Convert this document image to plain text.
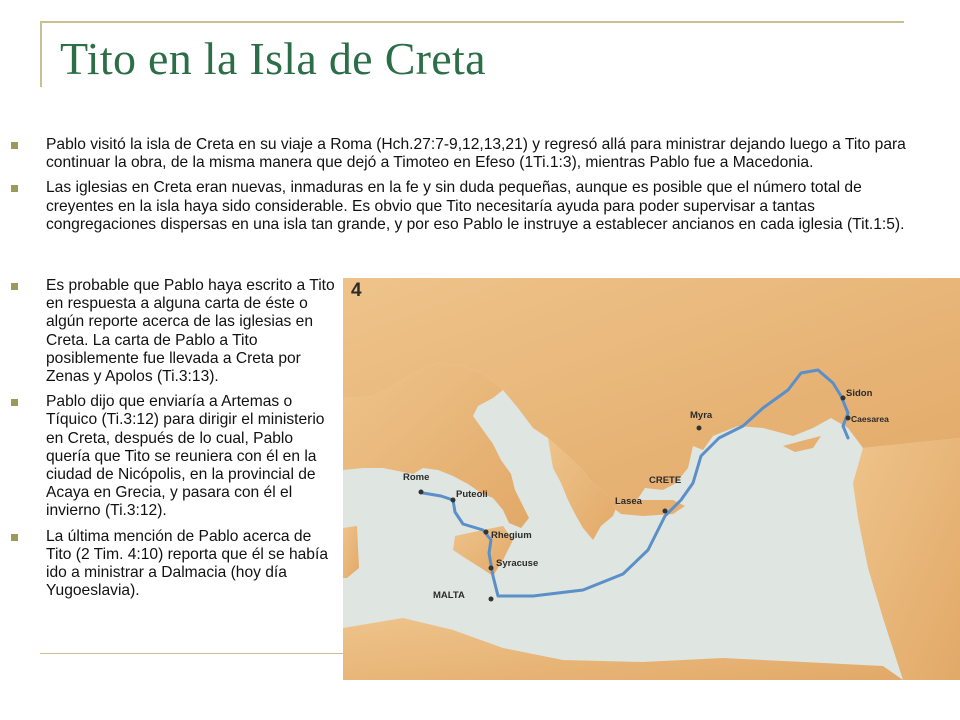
Tito en la Isla de Creta
Pablo visitó la isla de Creta en su viaje a Roma (Hch.27:7-9,12,13,21) y regresó allá para ministrar dejando luego a Tito para continuar la obra, de la misma manera que dejó a Timoteo en Efeso (1Ti.1:3), mientras Pablo fue a Macedonia.
Las iglesias en Creta eran nuevas, inmaduras en la fe y sin duda pequeñas, aunque es posible que el número total de creyentes en la isla haya sido considerable. Es obvio que Tito necesitaría ayuda para poder supervisar a tantas congregaciones dispersas en una isla tan grande, y por eso Pablo le instruye a establecer ancianos en cada iglesia (Tit.1:5).
Es probable que Pablo haya escrito a Tito en respuesta a alguna carta de éste o algún reporte acerca de las iglesias en Creta. La carta de Pablo a Tito posiblemente fue llevada a Creta por Zenas y Apolos (Ti.3:13).
Pablo dijo que enviaría a Artemas o Tíquico (Ti.3:12) para dirigir el ministerio en Creta, después de lo cual, Pablo quería que Tito se reuniera con él en la ciudad de Nicópolis, en la provincial de Acaya en Grecia, y pasara con él el invierno (Ti.3:12).
La última mención de Pablo acerca de Tito (2 Tim. 4:10) reporta que él se había ido a ministrar a Dalmacia (hoy día Yugoeslavia).
4
Rome
Puteoli
Rhegium
Syracuse
MALTA
CRETE
Lasea
Myra
Sidon
Caesarea
